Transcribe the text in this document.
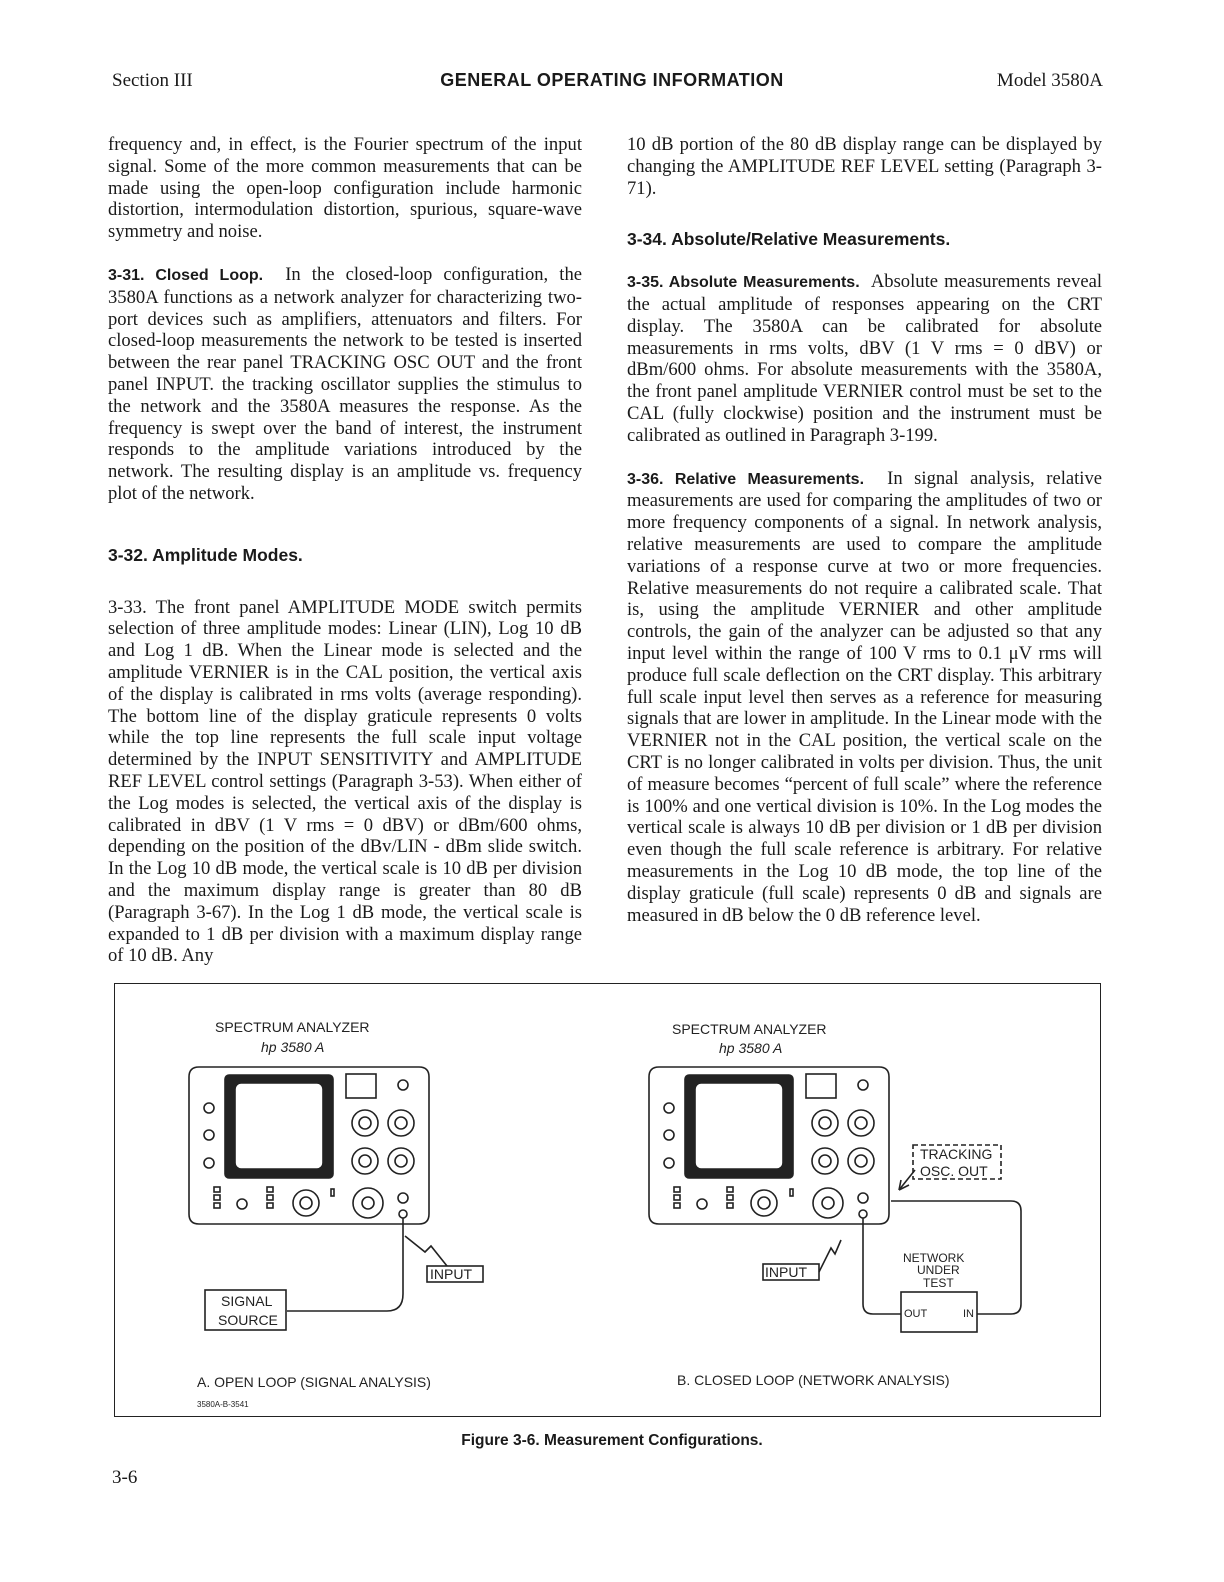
Section III	GENERAL OPERATING INFORMATION	Model 3580A

frequency and, in effect, is the Fourier spectrum of the input signal. Some of the more common measurements that can be made using the open-loop configuration include harmonic distortion, intermodulation distortion, spurious, square-wave symmetry and noise.

3-31. Closed Loop. In the closed-loop configuration, the 3580A functions as a network analyzer for characterizing two-port devices such as amplifiers, attenuators and filters. For closed-loop measurements the network to be tested is inserted between the rear panel TRACKING OSC OUT and the front panel INPUT. the tracking oscillator supplies the stimulus to the network and the 3580A measures the response. As the frequency is swept over the band of interest, the instrument responds to the amplitude variations introduced by the network. The resulting display is an amplitude vs. frequency plot of the network.

3-32. Amplitude Modes.

3-33. The front panel AMPLITUDE MODE switch permits selection of three amplitude modes: Linear (LIN), Log 10 dB and Log 1 dB. When the Linear mode is selected and the amplitude VERNIER is in the CAL position, the vertical axis of the display is calibrated in rms volts (average responding). The bottom line of the display graticule represents 0 volts while the top line represents the full scale input voltage determined by the INPUT SENSITIVITY and AMPLITUDE REF LEVEL control settings (Paragraph 3-53). When either of the Log modes is selected, the vertical axis of the display is calibrated in dBV (1 V rms = 0 dBV) or dBm/600 ohms, depending on the position of the dBv/LIN - dBm slide switch. In the Log 10 dB mode, the vertical scale is 10 dB per division and the maximum display range is greater than 80 dB (Paragraph 3-67). In the Log 1 dB mode, the vertical scale is expanded to 1 dB per division with a maximum display range of 10 dB. Any

10 dB portion of the 80 dB display range can be displayed by changing the AMPLITUDE REF LEVEL setting (Paragraph 3-71).

3-34. Absolute/Relative Measurements.

3-35. Absolute Measurements. Absolute measurements reveal the actual amplitude of responses appearing on the CRT display. The 3580A can be calibrated for absolute measurements in rms volts, dBV (1 V rms = 0 dBV) or dBm/600 ohms. For absolute measurements with the 3580A, the front panel amplitude VERNIER control must be set to the CAL (fully clockwise) position and the instrument must be calibrated as outlined in Paragraph 3-199.

3-36. Relative Measurements. In signal analysis, relative measurements are used for comparing the amplitudes of two or more frequency components of a signal. In network analysis, relative measurements are used to compare the amplitude variations of a response curve at two or more frequencies. Relative measurements do not require a calibrated scale. That is, using the amplitude VERNIER and other amplitude controls, the gain of the analyzer can be adjusted so that any input level within the range of 100 V rms to 0.1 μV rms will produce full scale deflection on the CRT display. This arbitrary full scale input level then serves as a reference for measuring signals that are lower in amplitude. In the Linear mode with the VERNIER not in the CAL position, the vertical scale on the CRT is no longer calibrated in volts per division. Thus, the unit of measure becomes “percent of full scale” where the reference is 100% and one vertical division is 10%. In the Log modes the vertical scale is always 10 dB per division or 1 dB per division even though the full scale reference is arbitrary. For relative measurements in the Log 10 dB mode, the top line of the display graticule (full scale) represents 0 dB and signals are measured in dB below the 0 dB reference level.

SPECTRUM ANALYZER
hp 3580 A
INPUT
SIGNAL
SOURCE
A. OPEN LOOP (SIGNAL ANALYSIS)
3580A-B-3541
SPECTRUM ANALYZER
hp 3580 A
TRACKING
OSC. OUT
INPUT
NETWORK
UNDER
TEST
OUT	IN
B. CLOSED LOOP (NETWORK ANALYSIS)
Figure 3-6. Measurement Configurations.
3-6
